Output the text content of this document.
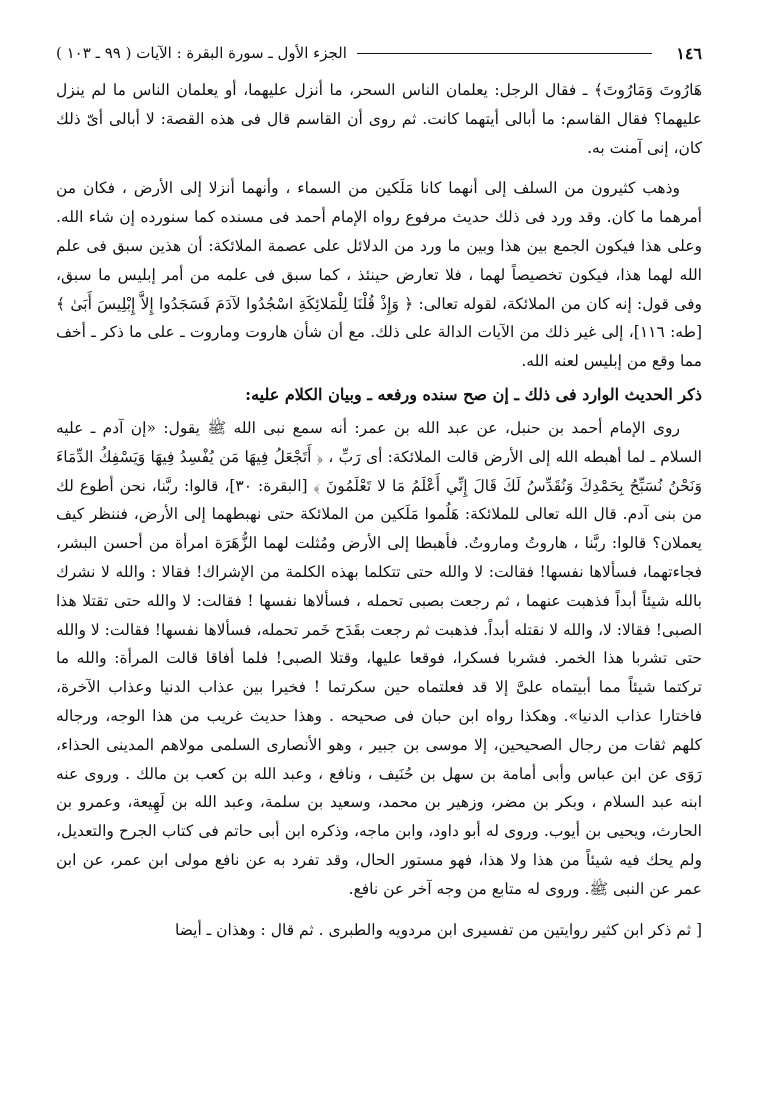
١٤٦
الجزء الأول ـ سورة البقرة : الآيات ( ٩٩ ـ ١٠٣ )

هَارُوتَ وَمَارُوتَ﴾ ـ فقال الرجل: يعلمان الناس السحر، ما أنزل عليهما، أو يعلمان الناس ما لم ينزل عليهما؟ فقال القاسم: ما أبالى أيتهما كانت. ثم روى أن القاسم قال فى هذه القصة: لا أبالى أىّ ذلك كان، إنى آمنت به.

وذهب كثيرون من السلف إلى أنهما كانا مَلَكين من السماء ، وأنهما أنزلا إلى الأرض ، فكان من أمرهما ما كان. وقد ورد فى ذلك حديث مرفوع رواه الإمام أحمد فى مسنده كما سنورده إن شاء الله. وعلى هذا فيكون الجمع بين هذا وبين ما ورد من الدلائل على عصمة الملائكة: أن هذين سبق فى علم الله لهما هذا، فيكون تخصيصاً لهما ، فلا تعارض حينئذ ، كما سبق فى علمه من أمر إبليس ما سبق، وفى قول: إنه كان من الملائكة، لقوله تعالى: ﴿ وَإِذْ قُلْنَا لِلْمَلائِكَةِ اسْجُدُوا لآدَمَ فَسَجَدُوا إِلاَّ إِبْلِيسَ أَبَىٰ ﴾ [طه: ١١٦]، إلى غير ذلك من الآيات الدالة على ذلك. مع أن شأن هاروت وماروت ـ على ما ذكر ـ أخف مما وقع من إبليس لعنه الله.

ذكر الحديث الوارد فى ذلك ـ إن صح سنده ورفعه ـ وبيان الكلام عليه:

روى الإمام أحمد بن حنبل، عن عبد الله بن عمر: أنه سمع نبى الله ﷺ يقول: «إن آدم ـ عليه السلام ـ لما أهبطه الله إلى الأرض قالت الملائكة: أى رَبِّ ، ﴿ أَتَجْعَلُ فِيهَا مَن يُفْسِدُ فِيهَا وَيَسْفِكُ الدِّمَاءَ وَنَحْنُ نُسَبِّحُ بِحَمْدِكَ وَنُقَدِّسُ لَكَ قَالَ إِنِّي أَعْلَمُ مَا لا تَعْلَمُونَ ﴾ [البقرة: ٣٠]، قالوا: ربَّنا، نحن أطوع لك من بنى آدم. قال الله تعالى للملائكة: هَلُموا مَلَكين من الملائكة حتى نهبطهما إلى الأرض، فننظر كيف يعملان؟ قالوا: ربَّنا ، هاروتُ وماروتُ. فأهبطا إلى الأرض ومُثلت لهما الزُّهَرَة امرأة من أحسن البشر، فجاءتهما، فسألاها نفسها! فقالت: لا والله حتى تتكلما بهذه الكلمة من الإشراك! فقالا : والله لا نشرك بالله شيئاً أبداً فذهبت عنهما ، ثم رجعت بصبى تحمله ، فسألاها نفسها ! فقالت: لا والله حتى تقتلا هذا الصبى! فقالا: لا، والله لا نقتله أبداً. فذهبت ثم رجعت بقَدَح خَمر تحمله، فسألاها نفسها! فقالت: لا والله حتى تشربا هذا الخمر. فشربا فسكرا، فوقعا عليها، وقتلا الصبى! فلما أفاقا قالت المرأة: والله ما تركتما شيئاً مما أبيتماه علىَّ إلا قد فعلتماه حين سكرتما ! فخيرا بين عذاب الدنيا وعذاب الآخرة، فاختارا عذاب الدنيا». وهكذا رواه ابن حبان فى صحيحه . وهذا حديث غريب من هذا الوجه، ورجاله كلهم ثقات من رجال الصحيحين، إلا موسى بن جبير ، وهو الأنصارى السلمى مولاهم المدينى الحذاء، رَوَى عن ابن عباس وأبى أمامة بن سهل بن حُنَيف ، ونافع ، وعبد الله بن كعب بن مالك . وروى عنه ابنه عبد السلام ، وبكر بن مضر، وزهير بن محمد، وسعيد بن سلمة، وعبد الله بن لَهِيعة، وعمرو بن الحارث، ويحيى بن أيوب. وروى له أبو داود، وابن ماجه، وذكره ابن أبى حاتم فى كتاب الجرح والتعديل، ولم يحك فيه شيئاً من هذا ولا هذا، فهو مستور الحال، وقد تفرد به عن نافع مولى ابن عمر، عن ابن عمر عن النبى ﷺ. وروى له متابع من وجه آخر عن نافع.

[ ثم ذكر ابن كثير روايتين من تفسيرى ابن مردويه والطبرى . ثم قال : وهذان ـ أيضا
